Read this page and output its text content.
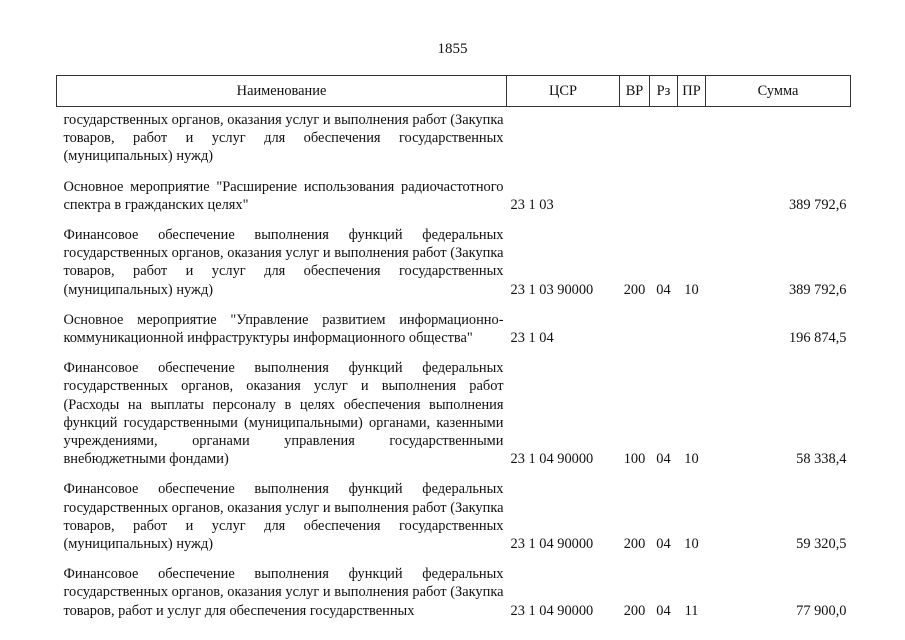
1855
Наименование	ЦСР	ВР	Рз	ПР	Сумма

государственных органов, оказания услуг и выполнения работ (Закупка товаров, работ и услуг для обеспечения государственных (муниципальных) нужд)					

Основное мероприятие "Расширение использования радиочастотного спектра в гражданских целях"	23 1 03				389 792,6

Финансовое обеспечение выполнения функций федеральных государственных органов, оказания услуг и выполнения работ (Закупка товаров, работ и услуг для обеспечения государственных (муниципальных) нужд)	23 1 03 90000	200	04	10	389 792,6

Основное мероприятие "Управление развитием информационно- коммуникационной инфраструктуры информационного общества"	23 1 04				196 874,5

Финансовое обеспечение выполнения функций федеральных государственных органов, оказания услуг и выполнения работ (Расходы на выплаты персоналу в целях обеспечения выполнения функций государственными (муниципальными) органами, казенными учреждениями, органами управления государственными внебюджетными фондами)	23 1 04 90000	100	04	10	58 338,4

Финансовое обеспечение выполнения функций федеральных государственных органов, оказания услуг и выполнения работ (Закупка товаров, работ и услуг для обеспечения государственных (муниципальных) нужд)	23 1 04 90000	200	04	10	59 320,5

Финансовое обеспечение выполнения функций федеральных государственных органов, оказания услуг и выполнения работ (Закупка товаров, работ и услуг для обеспечения государственных	23 1 04 90000	200	04	11	77 900,0
